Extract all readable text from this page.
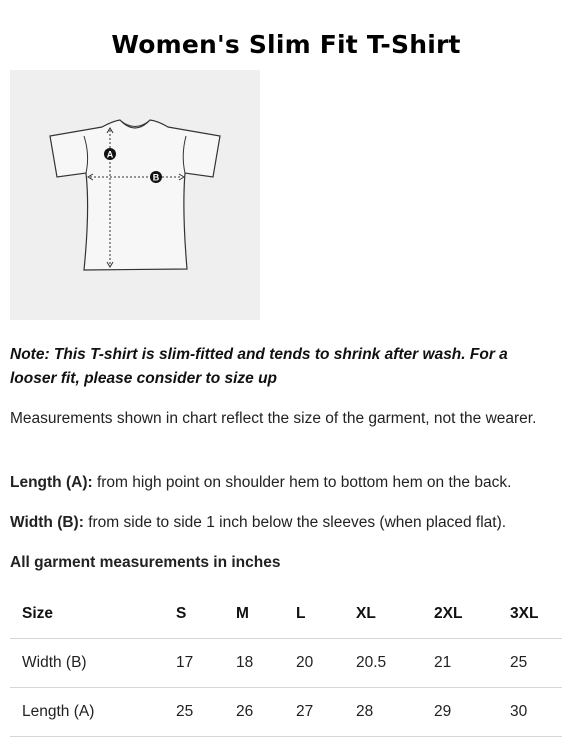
Women's Slim Fit T-Shirt
A
B
Note: This T-shirt is slim-fitted and tends to shrink after wash. For a looser fit, please consider to size up
Measurements shown in chart reflect the size of the garment, not the wearer.
Length (A): from high point on shoulder hem to bottom hem on the back.
Width (B): from side to side 1 inch below the sleeves (when placed flat).
All garment measurements in inches
Size	S	M	L	XL	2XL	3XL
Width (B)	17	18	20	20.5	21	25
Length (A)	25	26	27	28	29	30
